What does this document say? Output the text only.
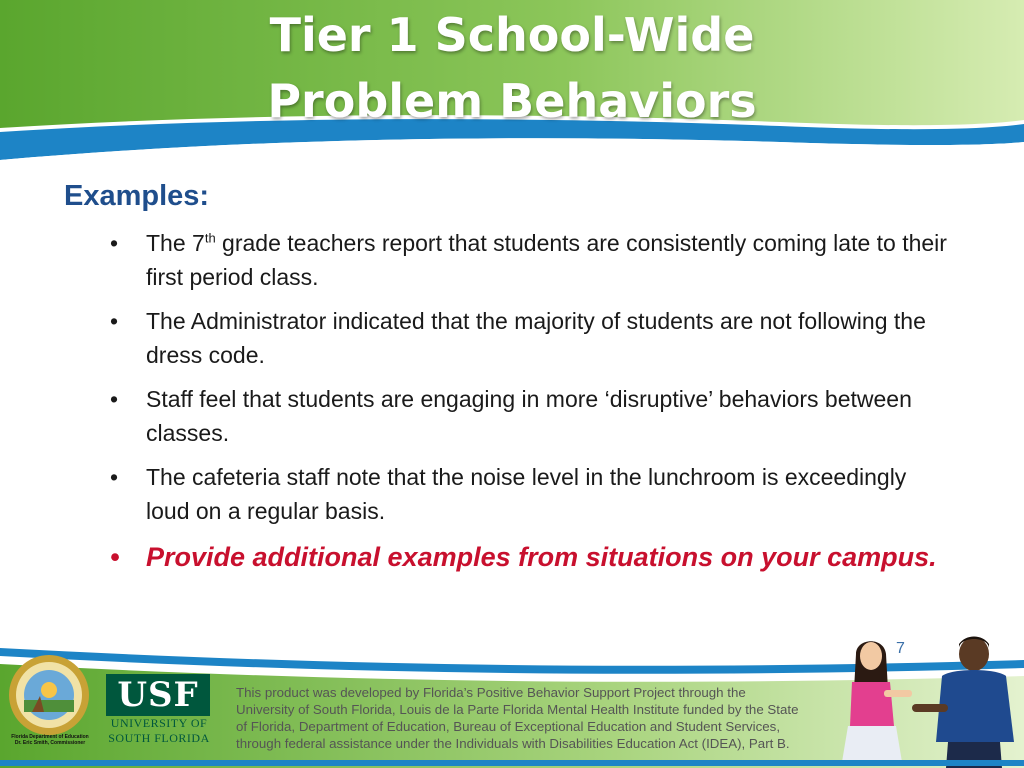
Tier 1 School-Wide
Problem Behaviors
Examples:
• The 7th grade teachers report that students are consistently coming late to their first period class.
• The Administrator indicated that the majority of students are not following the dress code.
• Staff feel that students are engaging in more ‘disruptive’ behaviors between classes.
• The cafeteria staff note that the noise level in the lunchroom is exceedingly loud on a regular basis.
• Provide additional examples from situations on your campus.
7
Florida Department of Education
Dr. Eric Smith, Commissioner
USF
UNIVERSITY OF
SOUTH FLORIDA

This product was developed by Florida’s Positive Behavior Support Project through the
University of South Florida, Louis de la Parte Florida Mental Health Institute funded by the State
of Florida, Department of Education, Bureau of Exceptional Education and Student Services,
through federal assistance under the Individuals with Disabilities Education Act (IDEA), Part B.
